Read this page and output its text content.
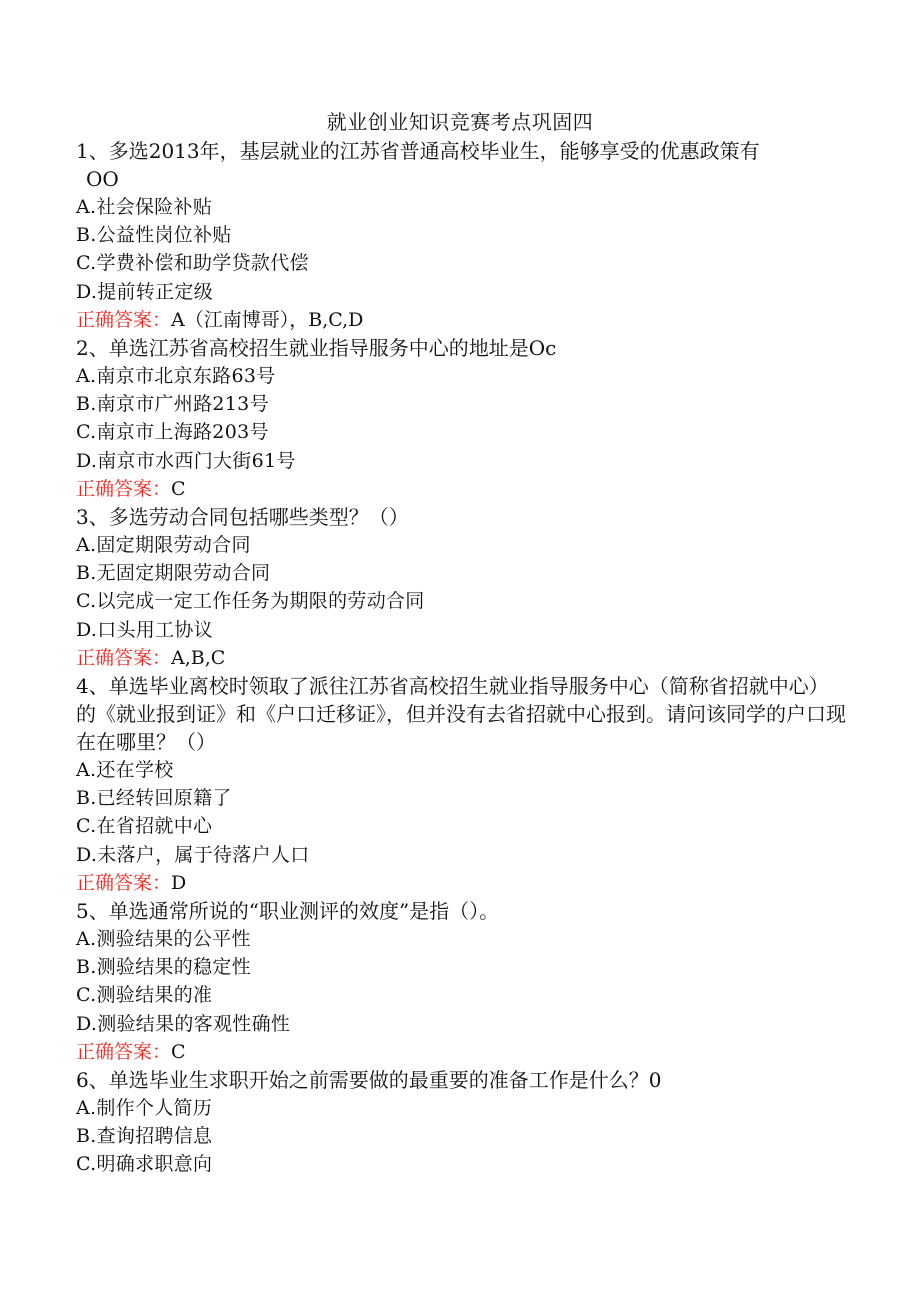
就业创业知识竞赛考点巩固四

1、多选2013年，基层就业的江苏省普通高校毕业生，能够享受的优惠政策有

OO

A.社会保险补贴

B.公益性岗位补贴

C.学费补偿和助学贷款代偿

D.提前转正定级

正确答案：A（江南博哥），B,C,D

2、单选江苏省高校招生就业指导服务中心的地址是Oc

A.南京市北京东路63号

B.南京市广州路213号

C.南京市上海路203号

D.南京市水西门大街61号

正确答案：C

3、多选劳动合同包括哪些类型？（）

A.固定期限劳动合同

B.无固定期限劳动合同

C.以完成一定工作任务为期限的劳动合同

D.口头用工协议

正确答案：A,B,C

4、单选毕业离校时领取了派往江苏省高校招生就业指导服务中心（简称省招就中心）的《就业报到证》和《户口迁移证》，但并没有去省招就中心报到。请问该同学的户口现在在哪里？（）

A.还在学校

B.已经转回原籍了

C.在省招就中心

D.未落户，属于待落户人口

正确答案：D

5、单选通常所说的“职业测评的效度”是指（）。

A.测验结果的公平性

B.测验结果的稳定性

C.测验结果的准

D.测验结果的客观性确性

正确答案：C

6、单选毕业生求职开始之前需要做的最重要的准备工作是什么？0

A.制作个人简历

B.查询招聘信息

C.明确求职意向
